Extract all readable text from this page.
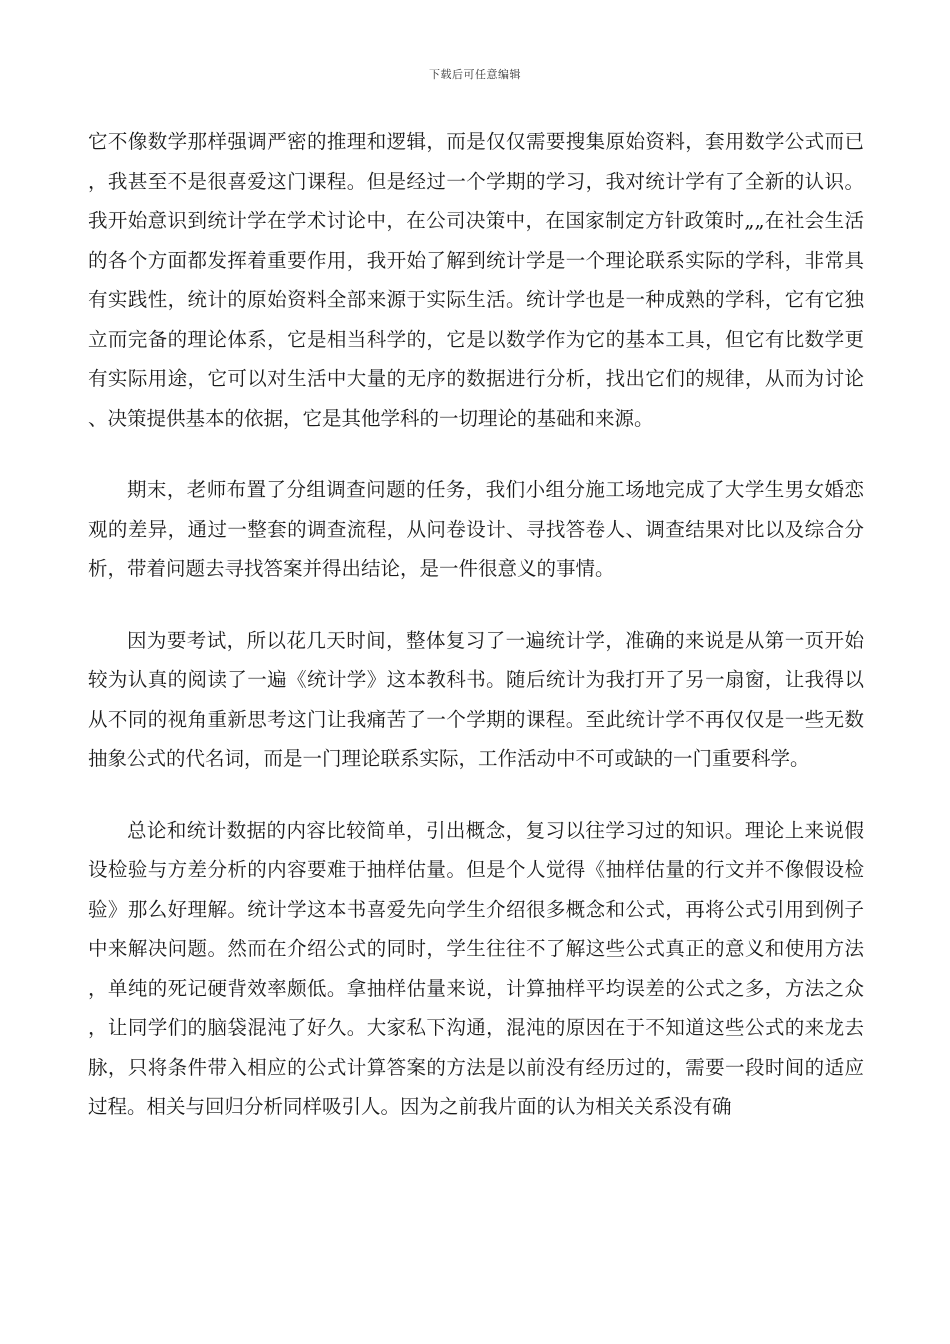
下载后可任意编辑

它不像数学那样强调严密的推理和逻辑，而是仅仅需要搜集原始资料，套用数学公式而已，我甚至不是很喜爱这门课程。但是经过一个学期的学习，我对统计学有了全新的认识。我开始意识到统计学在学术讨论中，在公司决策中，在国家制定方针政策时„„在社会生活的各个方面都发挥着重要作用，我开始了解到统计学是一个理论联系实际的学科，非常具有实践性，统计的原始资料全部来源于实际生活。统计学也是一种成熟的学科，它有它独立而完备的理论体系，它是相当科学的，它是以数学作为它的基本工具，但它有比数学更有实际用途，它可以对生活中大量的无序的数据进行分析，找出它们的规律，从而为讨论、决策提供基本的依据，它是其他学科的一切理论的基础和来源。

期末，老师布置了分组调查问题的任务，我们小组分施工场地完成了大学生男女婚恋观的差异，通过一整套的调查流程，从问卷设计、寻找答卷人、调查结果对比以及综合分析，带着问题去寻找答案并得出结论，是一件很意义的事情。

因为要考试，所以花几天时间，整体复习了一遍统计学，准确的来说是从第一页开始较为认真的阅读了一遍《统计学》这本教科书。随后统计为我打开了另一扇窗，让我得以从不同的视角重新思考这门让我痛苦了一个学期的课程。至此统计学不再仅仅是一些无数抽象公式的代名词，而是一门理论联系实际，工作活动中不可或缺的一门重要科学。

总论和统计数据的内容比较简单，引出概念，复习以往学习过的知识。理论上来说假设检验与方差分析的内容要难于抽样估量。但是个人觉得《抽样估量的行文并不像假设检验》那么好理解。统计学这本书喜爱先向学生介绍很多概念和公式，再将公式引用到例子中来解决问题。然而在介绍公式的同时，学生往往不了解这些公式真正的意义和使用方法，单纯的死记硬背效率颇低。拿抽样估量来说，计算抽样平均误差的公式之多，方法之众，让同学们的脑袋混沌了好久。大家私下沟通，混沌的原因在于不知道这些公式的来龙去脉，只将条件带入相应的公式计算答案的方法是以前没有经历过的，需要一段时间的适应过程。相关与回归分析同样吸引人。因为之前我片面的认为相关关系没有确
